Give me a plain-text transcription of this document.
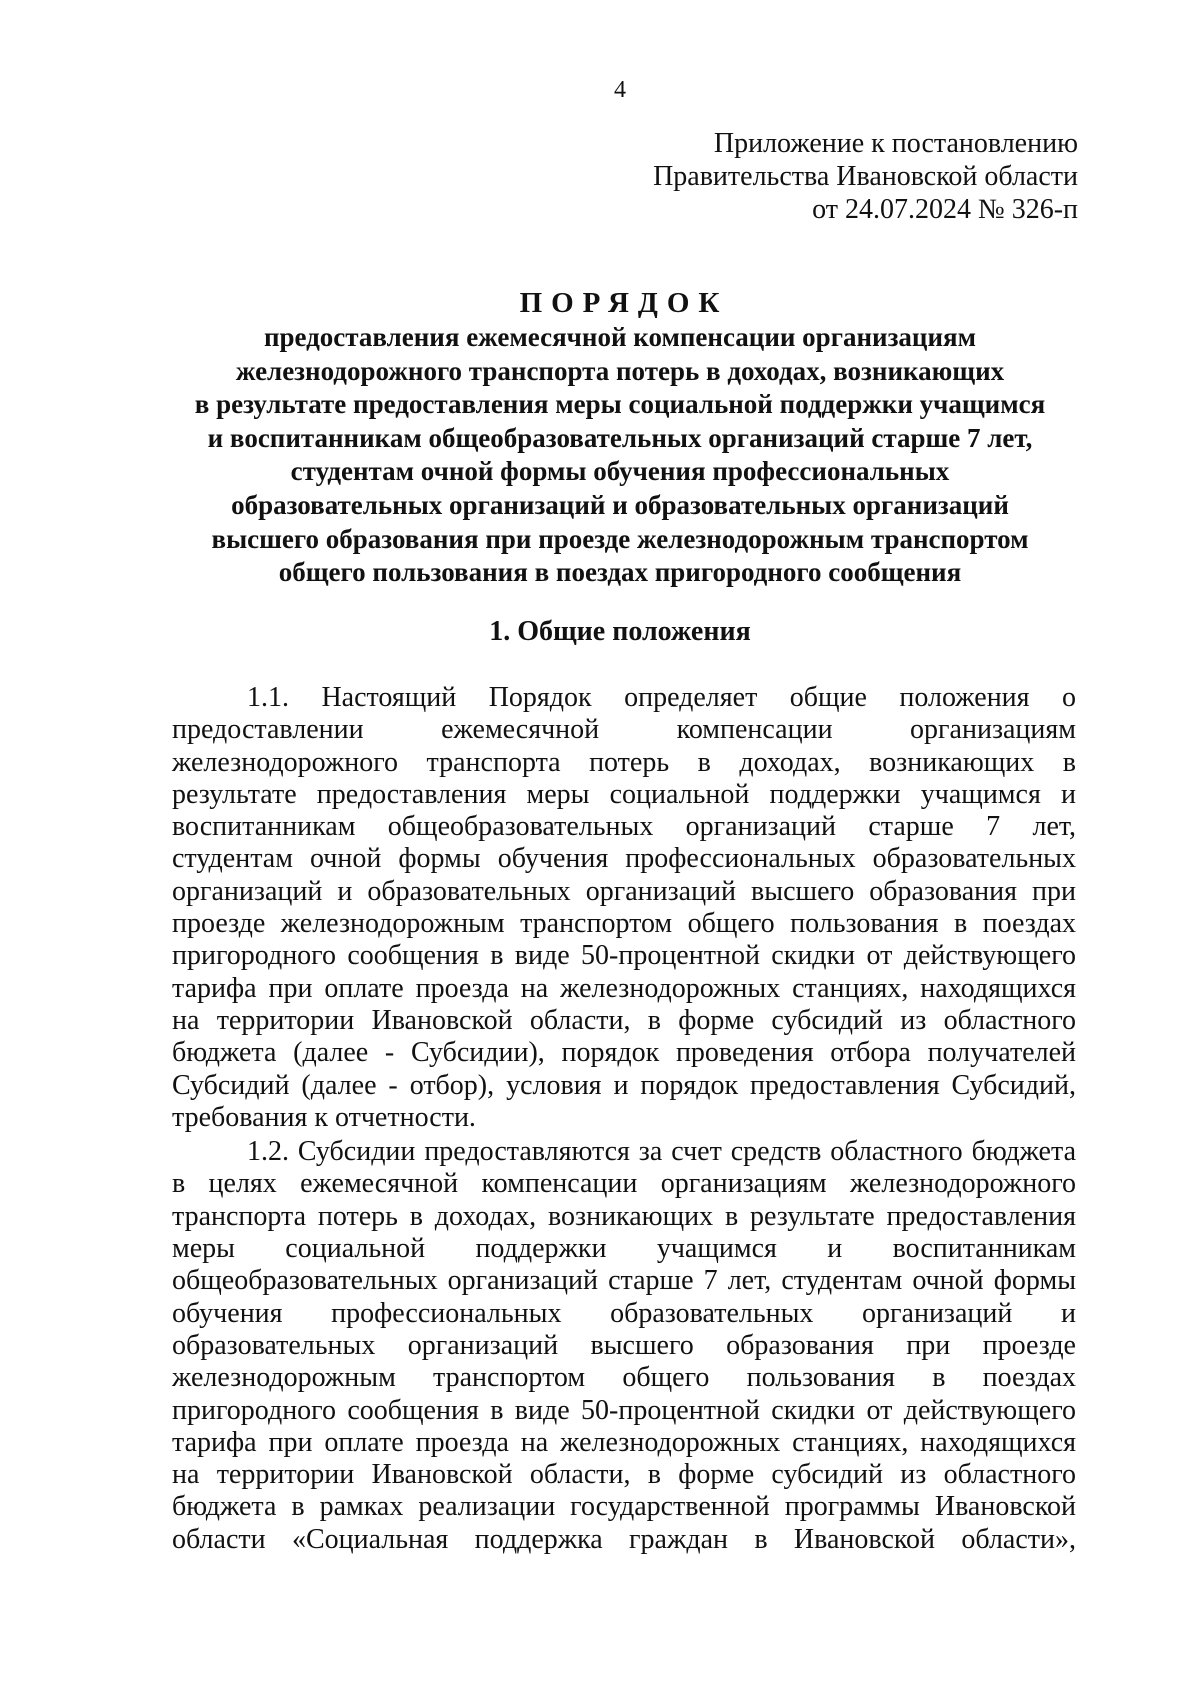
4
Приложение к постановлению
Правительства Ивановской области
от 24.07.2024 № 326-п
ПОРЯДОК
предоставления ежемесячной компенсации организациям
железнодорожного транспорта потерь в доходах, возникающих
в результате предоставления меры социальной поддержки учащимся
и воспитанникам общеобразовательных организаций старше 7 лет,
студентам очной формы обучения профессиональных
образовательных организаций и образовательных организаций
высшего образования при проезде железнодорожным транспортом
общего пользования в поездах пригородного сообщения
1. Общие положения

1.1. Настоящий Порядок определяет общие положения о предоставлении ежемесячной компенсации организациям железнодорожного транспорта потерь в доходах, возникающих в результате предоставления меры социальной поддержки учащимся и воспитанникам общеобразовательных организаций старше 7 лет, студентам очной формы обучения профессиональных образовательных организаций и образовательных организаций высшего образования при проезде железнодорожным транспортом общего пользования в поездах пригородного сообщения в виде 50-процентной скидки от действующего тарифа при оплате проезда на железнодорожных станциях, находящихся на территории Ивановской области, в форме субсидий из областного бюджета (далее - Субсидии), порядок проведения отбора получателей Субсидий (далее - отбор), условия и порядок предоставления Субсидий, требования к отчетности.

1.2. Субсидии предоставляются за счет средств областного бюджета в целях ежемесячной компенсации организациям железнодорожного транспорта потерь в доходах, возникающих в результате предоставления меры социальной поддержки учащимся и воспитанникам общеобразовательных организаций старше 7 лет, студентам очной формы обучения профессиональных образовательных организаций и образовательных организаций высшего образования при проезде железнодорожным транспортом общего пользования в поездах пригородного сообщения в виде 50-процентной скидки от действующего тарифа при оплате проезда на железнодорожных станциях, находящихся на территории Ивановской области, в форме субсидий из областного бюджета в рамках реализации государственной программы Ивановской области «Социальная поддержка граждан в Ивановской области»,
